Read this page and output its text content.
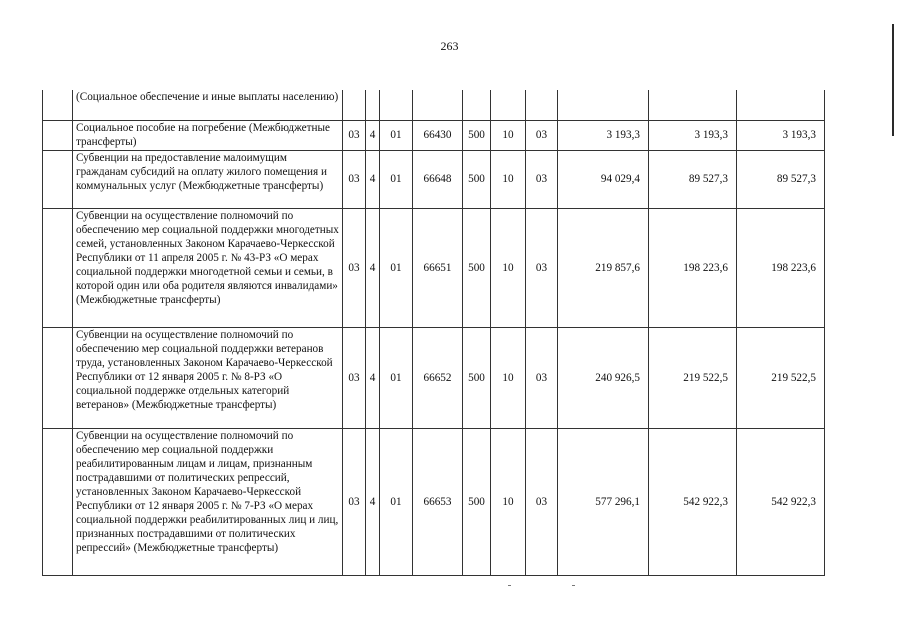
263
	(Социальное обеспечение и иные выплаты населению)										
	Социальное пособие на погребение (Межбюджетные трансферты)	03	4	01	66430	500	10	03	3 193,3	3 193,3	3 193,3
	Субвенции на предоставление малоимущим гражданам субсидий на оплату жилого помещения и коммунальных услуг (Межбюджетные трансферты)	03	4	01	66648	500	10	03	94 029,4	89 527,3	89 527,3
	Субвенции на осуществление полномочий по обеспечению мер социальной поддержки многодетных семей, установленных Законом Карачаево-Черкесской Республики от 11 апреля 2005 г. № 43-РЗ «О мерах социальной поддержки многодетной семьи и семьи, в которой один или оба родителя являются инвалидами» (Межбюджетные трансферты)	03	4	01	66651	500	10	03	219 857,6	198 223,6	198 223,6
	Субвенции на осуществление полномочий по обеспечению мер социальной поддержки ветеранов труда, установленных Законом Карачаево-Черкесской Республики от 12 января 2005 г. № 8-РЗ «О социальной поддержке отдельных категорий ветеранов» (Межбюджетные трансферты)	03	4	01	66652	500	10	03	240 926,5	219 522,5	219 522,5
	Субвенции на осуществление полномочий по обеспечению мер социальной поддержки реабилитированным лицам и лицам, признанным пострадавшими от политических репрессий, установленных Законом Карачаево-Черкесской Республики от 12 января 2005 г. № 7-РЗ «О мерах социальной поддержки реабилитированных лиц и лиц, признанных пострадавшими от политических репрессий» (Межбюджетные трансферты)	03	4	01	66653	500	10	03	577 296,1	542 922,3	542 922,3
